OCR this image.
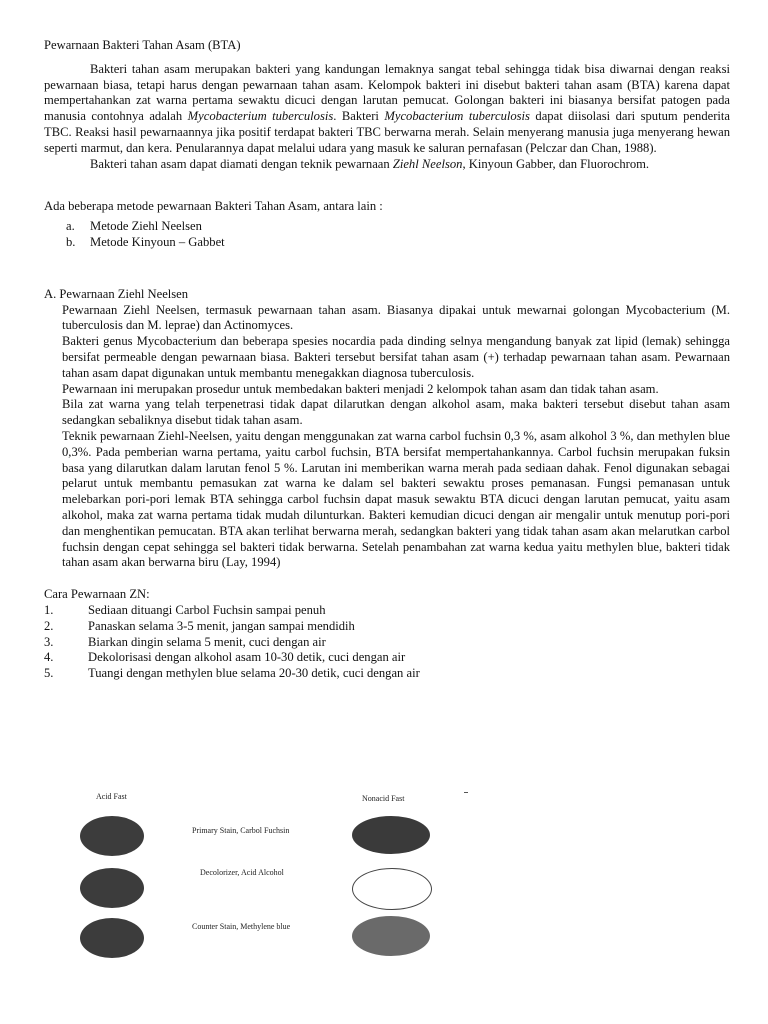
Pewarnaan Bakteri Tahan Asam (BTA)

Bakteri tahan asam merupakan bakteri yang kandungan lemaknya sangat tebal sehingga tidak bisa diwarnai dengan reaksi pewarnaan biasa, tetapi harus dengan pewarnaan tahan asam. Kelompok bakteri ini disebut bakteri tahan asam (BTA) karena dapat mempertahankan zat warna pertama sewaktu dicuci dengan larutan pemucat. Golongan bakteri ini biasanya bersifat patogen pada manusia contohnya adalah Mycobacterium tuberculosis. Bakteri Mycobacterium tuberculosis dapat diisolasi dari sputum penderita TBC. Reaksi hasil pewarnaannya jika positif terdapat bakteri TBC berwarna merah. Selain menyerang manusia juga menyerang hewan seperti marmut, dan kera. Penularannya dapat melalui udara yang masuk ke saluran pernafasan (Pelczar dan Chan, 1988).

Bakteri tahan asam dapat diamati dengan teknik pewarnaan Ziehl Neelson, Kinyoun Gabber, dan Fluorochrom.

Ada beberapa metode pewarnaan Bakteri Tahan Asam, antara lain :

a. Metode Ziehl Neelsen
b. Metode Kinyoun – Gabbet
A. Pewarnaan Ziehl Neelsen

Pewarnaan Ziehl Neelsen, termasuk pewarnaan tahan asam. Biasanya dipakai untuk mewarnai golongan Mycobacterium (M. tuberculosis dan M. leprae) dan Actinomyces.

Bakteri genus Mycobacterium dan beberapa spesies nocardia pada dinding selnya mengandung banyak zat lipid (lemak) sehingga bersifat permeable dengan pewarnaan biasa. Bakteri tersebut bersifat tahan asam (+) terhadap pewarnaan tahan asam. Pewarnaan tahan asam dapat digunakan untuk membantu menegakkan diagnosa tuberculosis.

Pewarnaan ini merupakan prosedur untuk membedakan bakteri menjadi 2 kelompok tahan asam dan tidak tahan asam.

Bila zat warna yang telah terpenetrasi tidak dapat dilarutkan dengan alkohol asam, maka bakteri tersebut disebut tahan asam sedangkan sebaliknya disebut tidak tahan asam.

Teknik pewarnaan Ziehl-Neelsen, yaitu dengan menggunakan zat warna carbol fuchsin 0,3 %, asam alkohol 3 %, dan methylen blue 0,3%. Pada pemberian warna pertama, yaitu carbol fuchsin, BTA bersifat mempertahankannya. Carbol fuchsin merupakan fuksin basa yang dilarutkan dalam larutan fenol 5 %. Larutan ini memberikan warna merah pada sediaan dahak. Fenol digunakan sebagai pelarut untuk membantu pemasukan zat warna ke dalam sel bakteri sewaktu proses pemanasan. Fungsi pemanasan untuk melebarkan pori-pori lemak BTA sehingga carbol fuchsin dapat masuk sewaktu BTA dicuci dengan larutan pemucat, yaitu asam alkohol, maka zat warna pertama tidak mudah dilunturkan. Bakteri kemudian dicuci dengan air mengalir untuk menutup pori-pori dan menghentikan pemucatan. BTA akan terlihat berwarna merah, sedangkan bakteri yang tidak tahan asam akan melarutkan carbol fuchsin dengan cepat sehingga sel bakteri tidak berwarna. Setelah penambahan zat warna kedua yaitu methylen blue, bakteri tidak tahan asam akan berwarna biru (Lay, 1994)

Cara Pewarnaan ZN:
1.	Sediaan dituangi Carbol Fuchsin sampai penuh
2.	Panaskan selama 3-5 menit, jangan sampai mendidih
3.	Biarkan dingin selama 5 menit, cuci dengan air
4.	Dekolorisasi dengan alkohol asam 10-30 detik, cuci dengan air
5.	Tuangi dengan methylen blue selama 20-30 detik, cuci dengan air
Acid Fast	Nonacid Fast
Primary Stain, Carbol Fuchsin
Decolorizer, Acid Alcohol
Counter Stain, Methylene blue
